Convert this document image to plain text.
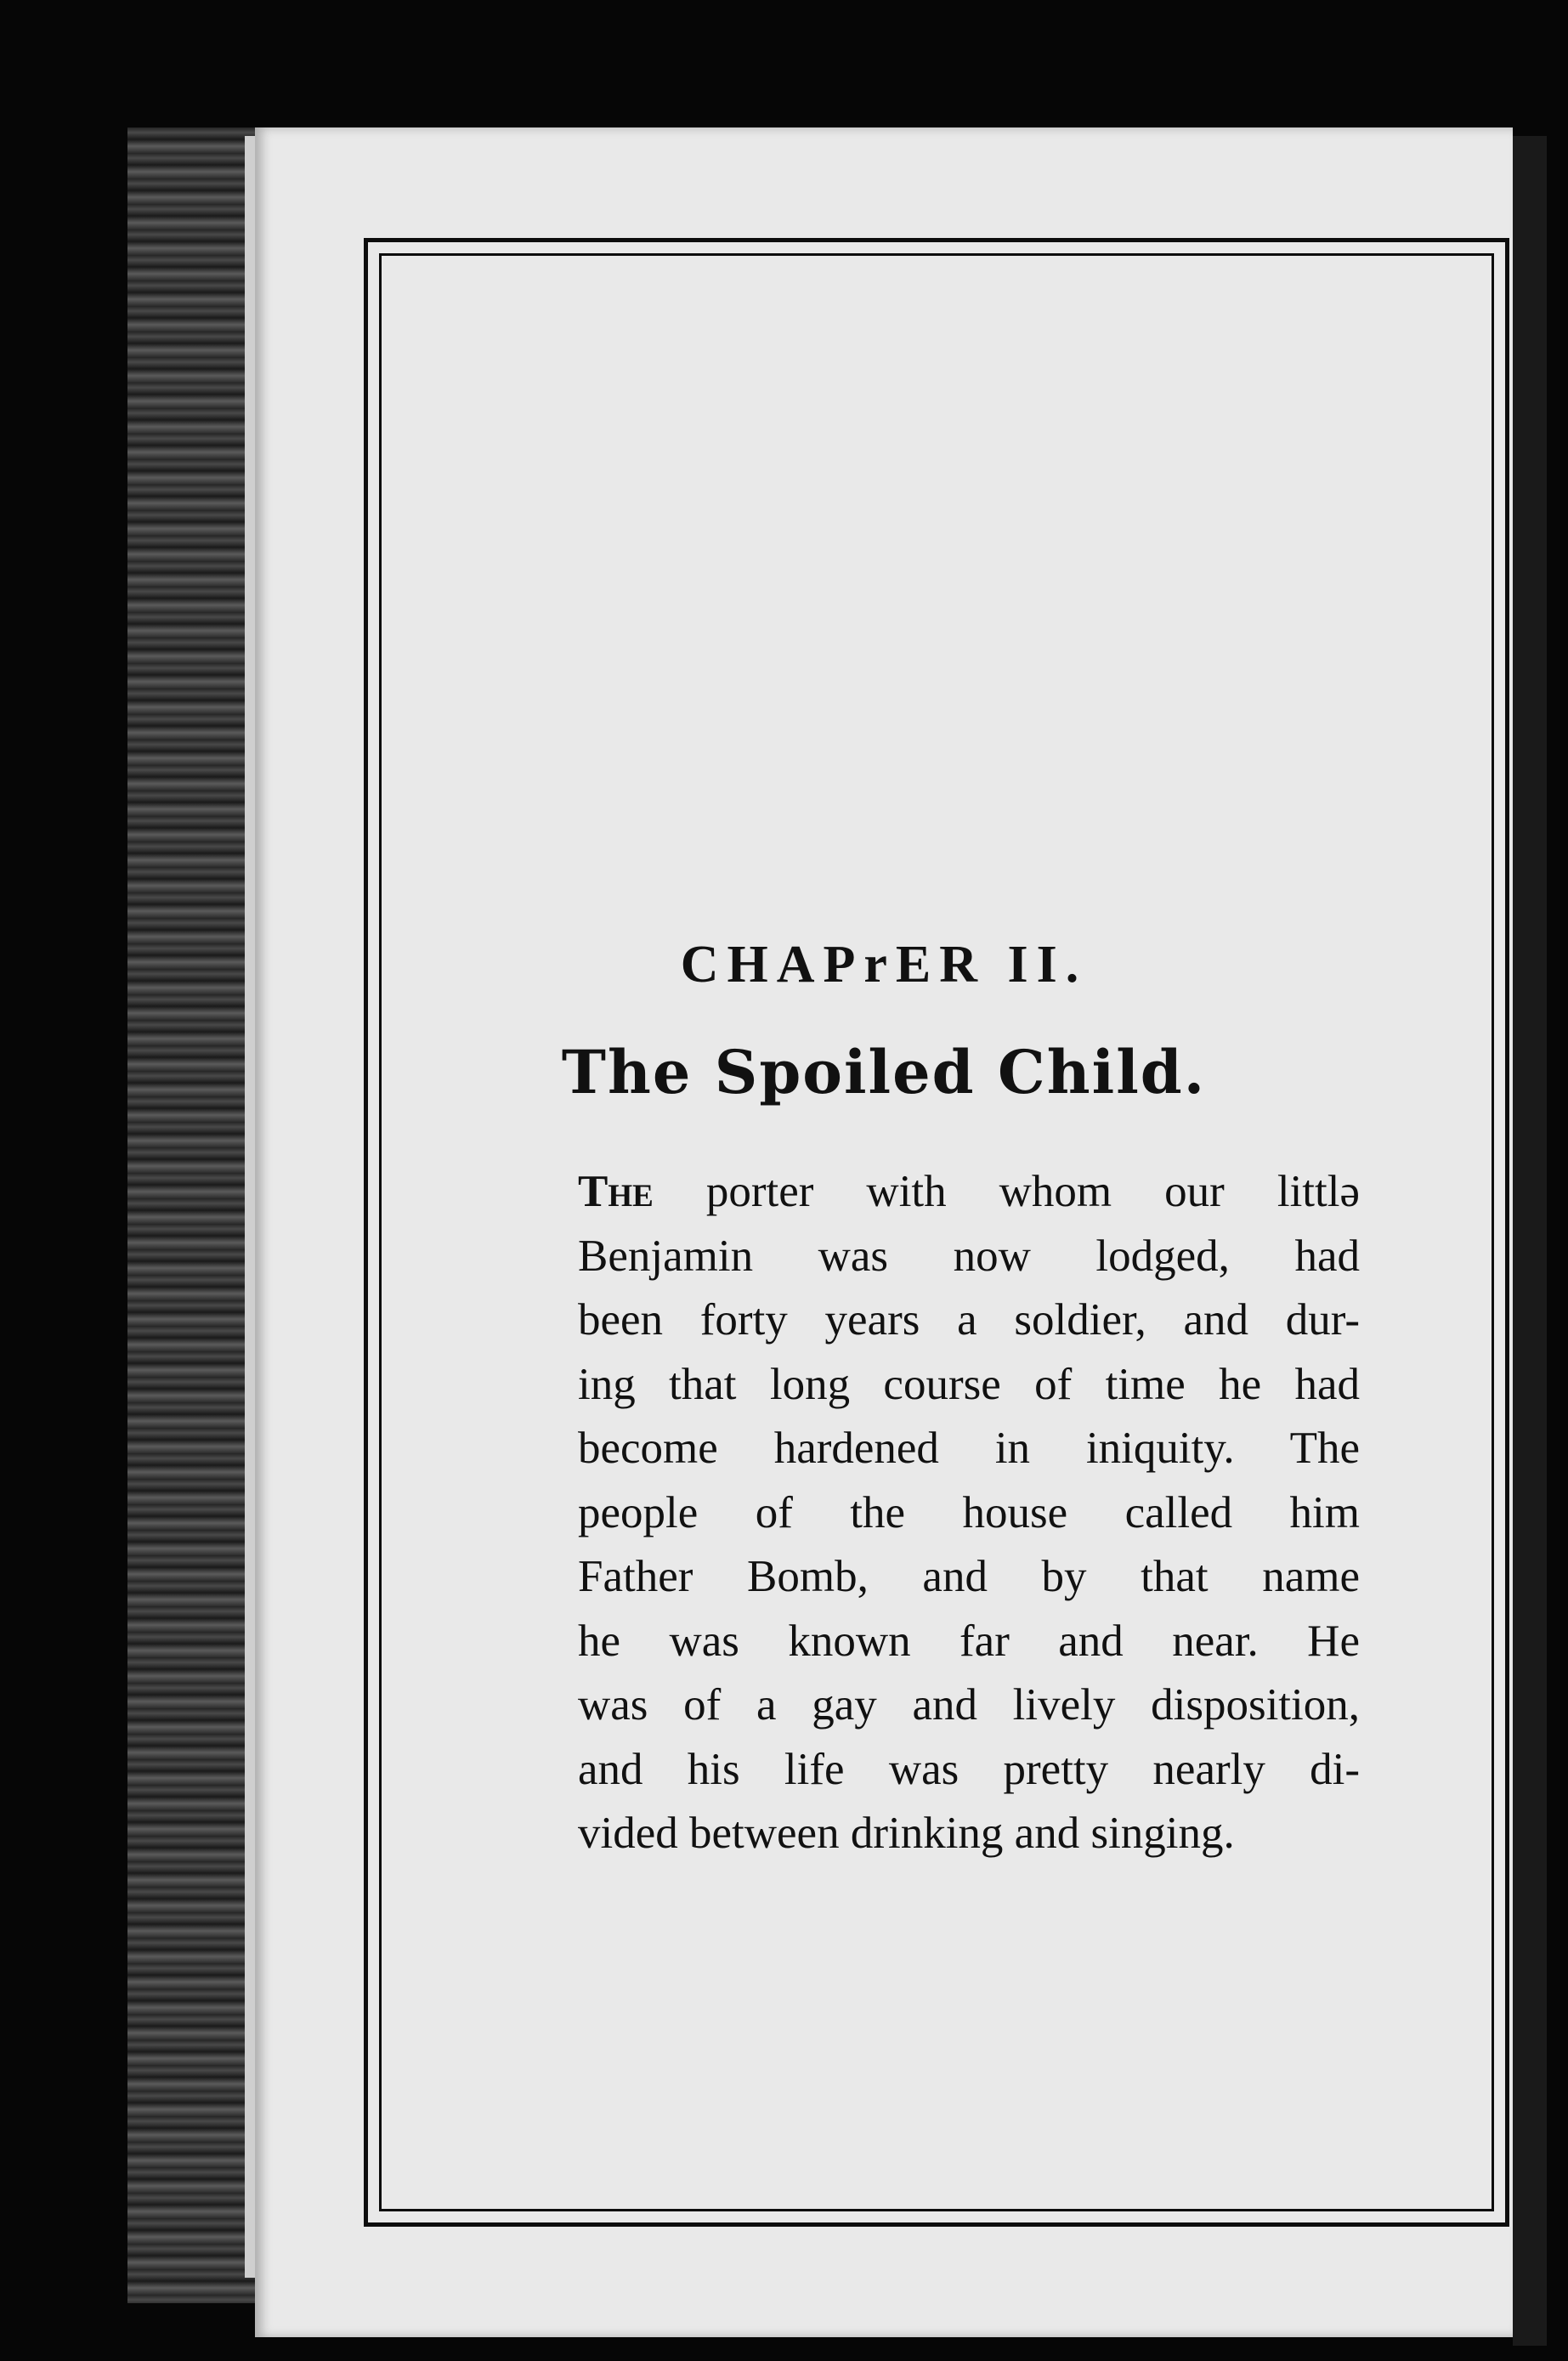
CHAPrER II.
The Spoiled Child.
The porter with whom our littlə
Benjamin was now lodged, had
been forty years a soldier, and dur-
ing that long course of time he had
become hardened in iniquity. The
people of the house called him
Father Bomb, and by that name
he was known far and near. He
was of a gay and lively disposition,
and his life was pretty nearly di-
vided between drinking and singing.
